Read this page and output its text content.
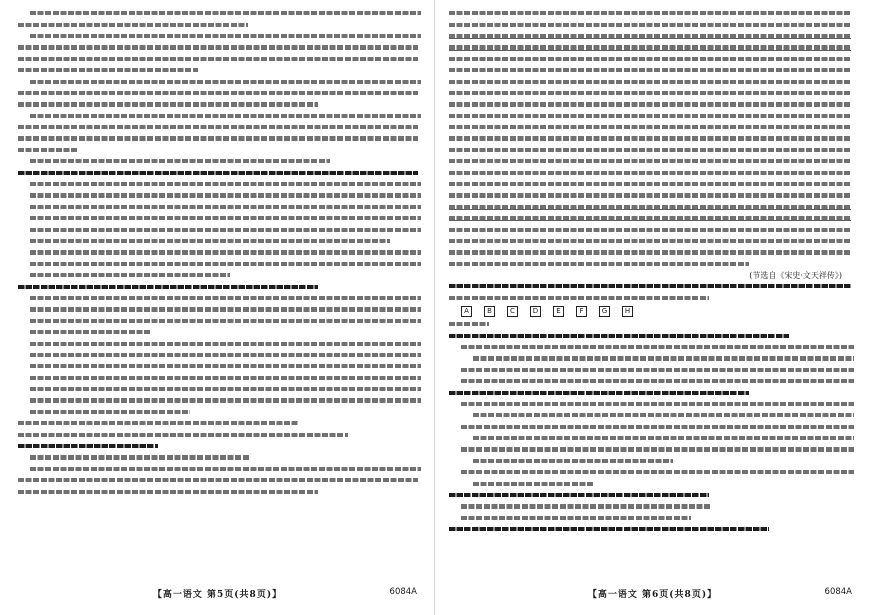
【高一语文 第5页(共8页)】	6084A
(节选自《宋史·文天祥传》)
A	B	C	D	E	F	G	H
【高一语文 第6页(共8页)】	6084A
